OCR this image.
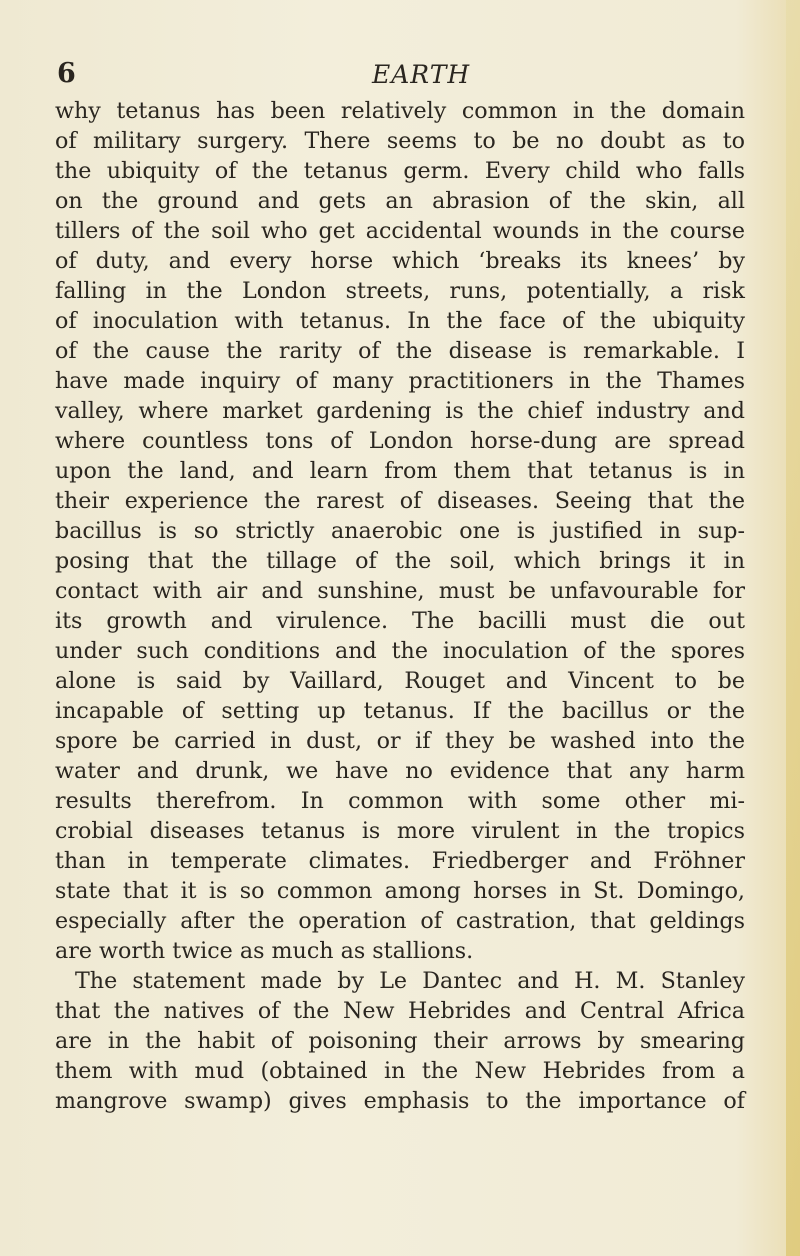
6	EARTH
why tetanus has been relatively common in the domain
of military surgery. There seems to be no doubt as to
the ubiquity of the tetanus germ. Every child who falls
on the ground and gets an abrasion of the skin, all
tillers of the soil who get accidental wounds in the course
of duty, and every horse which ‘breaks its knees’ by
falling in the London streets, runs, potentially, a risk
of inoculation with tetanus. In the face of the ubiquity
of the cause the rarity of the disease is remarkable. I
have made inquiry of many practitioners in the Thames
valley, where market gardening is the chief industry and
where countless tons of London horse-dung are spread
upon the land, and learn from them that tetanus is in
their experience the rarest of diseases. Seeing that the
bacillus is so strictly anaerobic one is justified in sup-
posing that the tillage of the soil, which brings it in
contact with air and sunshine, must be unfavourable for
its growth and virulence. The bacilli must die out
under such conditions and the inoculation of the spores
alone is said by Vaillard, Rouget and Vincent to be
incapable of setting up tetanus. If the bacillus or the
spore be carried in dust, or if they be washed into the
water and drunk, we have no evidence that any harm
results therefrom. In common with some other mi-
crobial diseases tetanus is more virulent in the tropics
than in temperate climates. Friedberger and Fröhner
state that it is so common among horses in St. Domingo,
especially after the operation of castration, that geldings
are worth twice as much as stallions.
The statement made by Le Dantec and H. M. Stanley
that the natives of the New Hebrides and Central Africa
are in the habit of poisoning their arrows by smearing
them with mud (obtained in the New Hebrides from a
mangrove swamp) gives emphasis to the importance of
